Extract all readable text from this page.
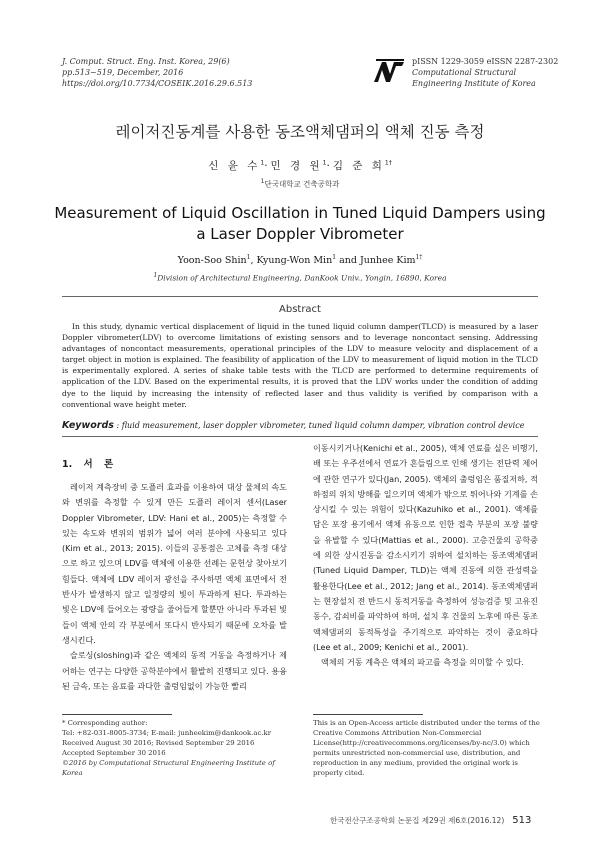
J. Comput. Struct. Eng. Inst. Korea, 29(6)
pp.513~519, December, 2016
https://doi.org/10.7734/COSEIK.2016.29.6.513
pISSN 1229-3059 eISSN 2287-2302
Computational Structural
Engineering Institute of Korea
레이저진동계를 사용한 동조액체댐퍼의 액체 진동 측정
신 윤 수$^1$·민 경 원$^1$·김 준 희$^{1\dagger}$
$^1$단국대학교 건축공학과
Measurement of Liquid Oscillation in Tuned Liquid Dampers using
a Laser Doppler Vibrometer
Yoon-Soo Shin$^1$, Kyung-Won Min$^1$ and Junhee Kim$^{1\dagger}$
$^1$Division of Architectural Engineering, DanKook Univ., Yongin, 16890, Korea
Abstract
In this study, dynamic vertical displacement of liquid in the tuned liquid column damper(TLCD) is measured by a laser Doppler vibrometer(LDV) to overcome limitations of existing sensors and to leverage noncontact sensing. Addressing advantages of noncontact measurements, operational principles of the LDV to measure velocity and displacement of a target object in motion is explained. The feasibility of application of the LDV to measurement of liquid motion in the TLCD is experimentally explored. A series of shake table tests with the TLCD are performed to determine requirements of application of the LDV. Based on the experimental results, it is proved that the LDV works under the condition of adding dye to the liquid by increasing the intensity of reflected laser and thus validity is verified by comparison with a conventional wave height meter.
Keywords : fluid measurement, laser doppler vibrometer, tuned liquid column damper, vibration control device
1. 서 론

레이저 계측장비 중 도플러 효과를 이용하여 대상 물체의 속도와 변위를 측정할 수 있게 만든 도플러 레이저 센서(Laser Doppler Vibrometer, LDV: Hani et al., 2005)는 측정할 수 있는 속도와 변위의 범위가 넓어 여러 분야에 사용되고 있다(Kim et al., 2013; 2015). 이들의 공통점은 고체를 측정 대상으로 하고 있으며 LDV를 액체에 이용한 선례는 문헌상 찾아보기 힘들다. 액체에 LDV 레이저 광선을 주사하면 액체 표면에서 전반사가 발생하지 않고 일정량의 빛이 투과하게 된다. 투과하는 빛은 LDV에 들어오는 광량을 줄어들게 할뿐만 아니라 투과된 빛들이 액체 안의 각 부분에서 또다시 반사되기 때문에 오차를 발생시킨다.

슬로싱(sloshing)과 같은 액체의 동적 거동을 측정하거나 제어하는 연구는 다양한 공학분야에서 활발히 진행되고 있다. 용융된 금속, 또는 음료를 과다한 출렁임없이 가능한 빨리

이동시키거나(Kenichi et al., 2005), 액체 연료를 실은 비행기, 배 또는 우주선에서 연료가 흔들림으로 인해 생기는 전단력 제어에 관한 연구가 있다(Jan, 2005). 액체의 출렁임은 품질저하, 적하점의 위치 방해를 일으키며 액체가 밖으로 튀어나와 기계를 손상시킬 수 있는 위험이 있다(Kazuhiko et al., 2001). 액체를 담은 포장 용기에서 액체 유동으로 인한 접촉 부분의 포장 불량을 유발할 수 있다(Mattias et al., 2000). 고층건물의 공학중에 의한 상시진동을 감소시키기 위하여 설치하는 동조액체댐퍼(Tuned Liquid Damper, TLD)는 액체 진동에 의한 관성력을 활용한다(Lee et al., 2012; Jang et al., 2014). 동조액체댐퍼는 현장설치 전 반드시 동적거동을 측정하여 성능검증 및 고유진동수, 감쇠비를 파악하여 하며, 설치 후 건물의 노후에 따른 동조액체댐퍼의 동적특성을 주기적으로 파악하는 것이 중요하다(Lee et al., 2009; Kenichi et al., 2001).

액체의 거동 계측은 액체의 파고를 측정을 의미할 수 있다.

* Corresponding author:
Tel: +82-031-8005-3734; E-mail: junheekim@dankook.ac.kr
Received August 30 2016; Revised September 29 2016
Accepted September 30 2016
©2016 by Computational Structural Engineering Institute of Korea
This is an Open-Access article distributed under the terms of the Creative Commons Attribution Non-Commercial License(http://creativecommons.org/licenses/by-nc/3.0) which permits unrestricted non-commercial use, distribution, and reproduction in any medium, provided the original work is properly cited.
한국전산구조공학회 논문집 제29권 제6호(2016.12) 513
